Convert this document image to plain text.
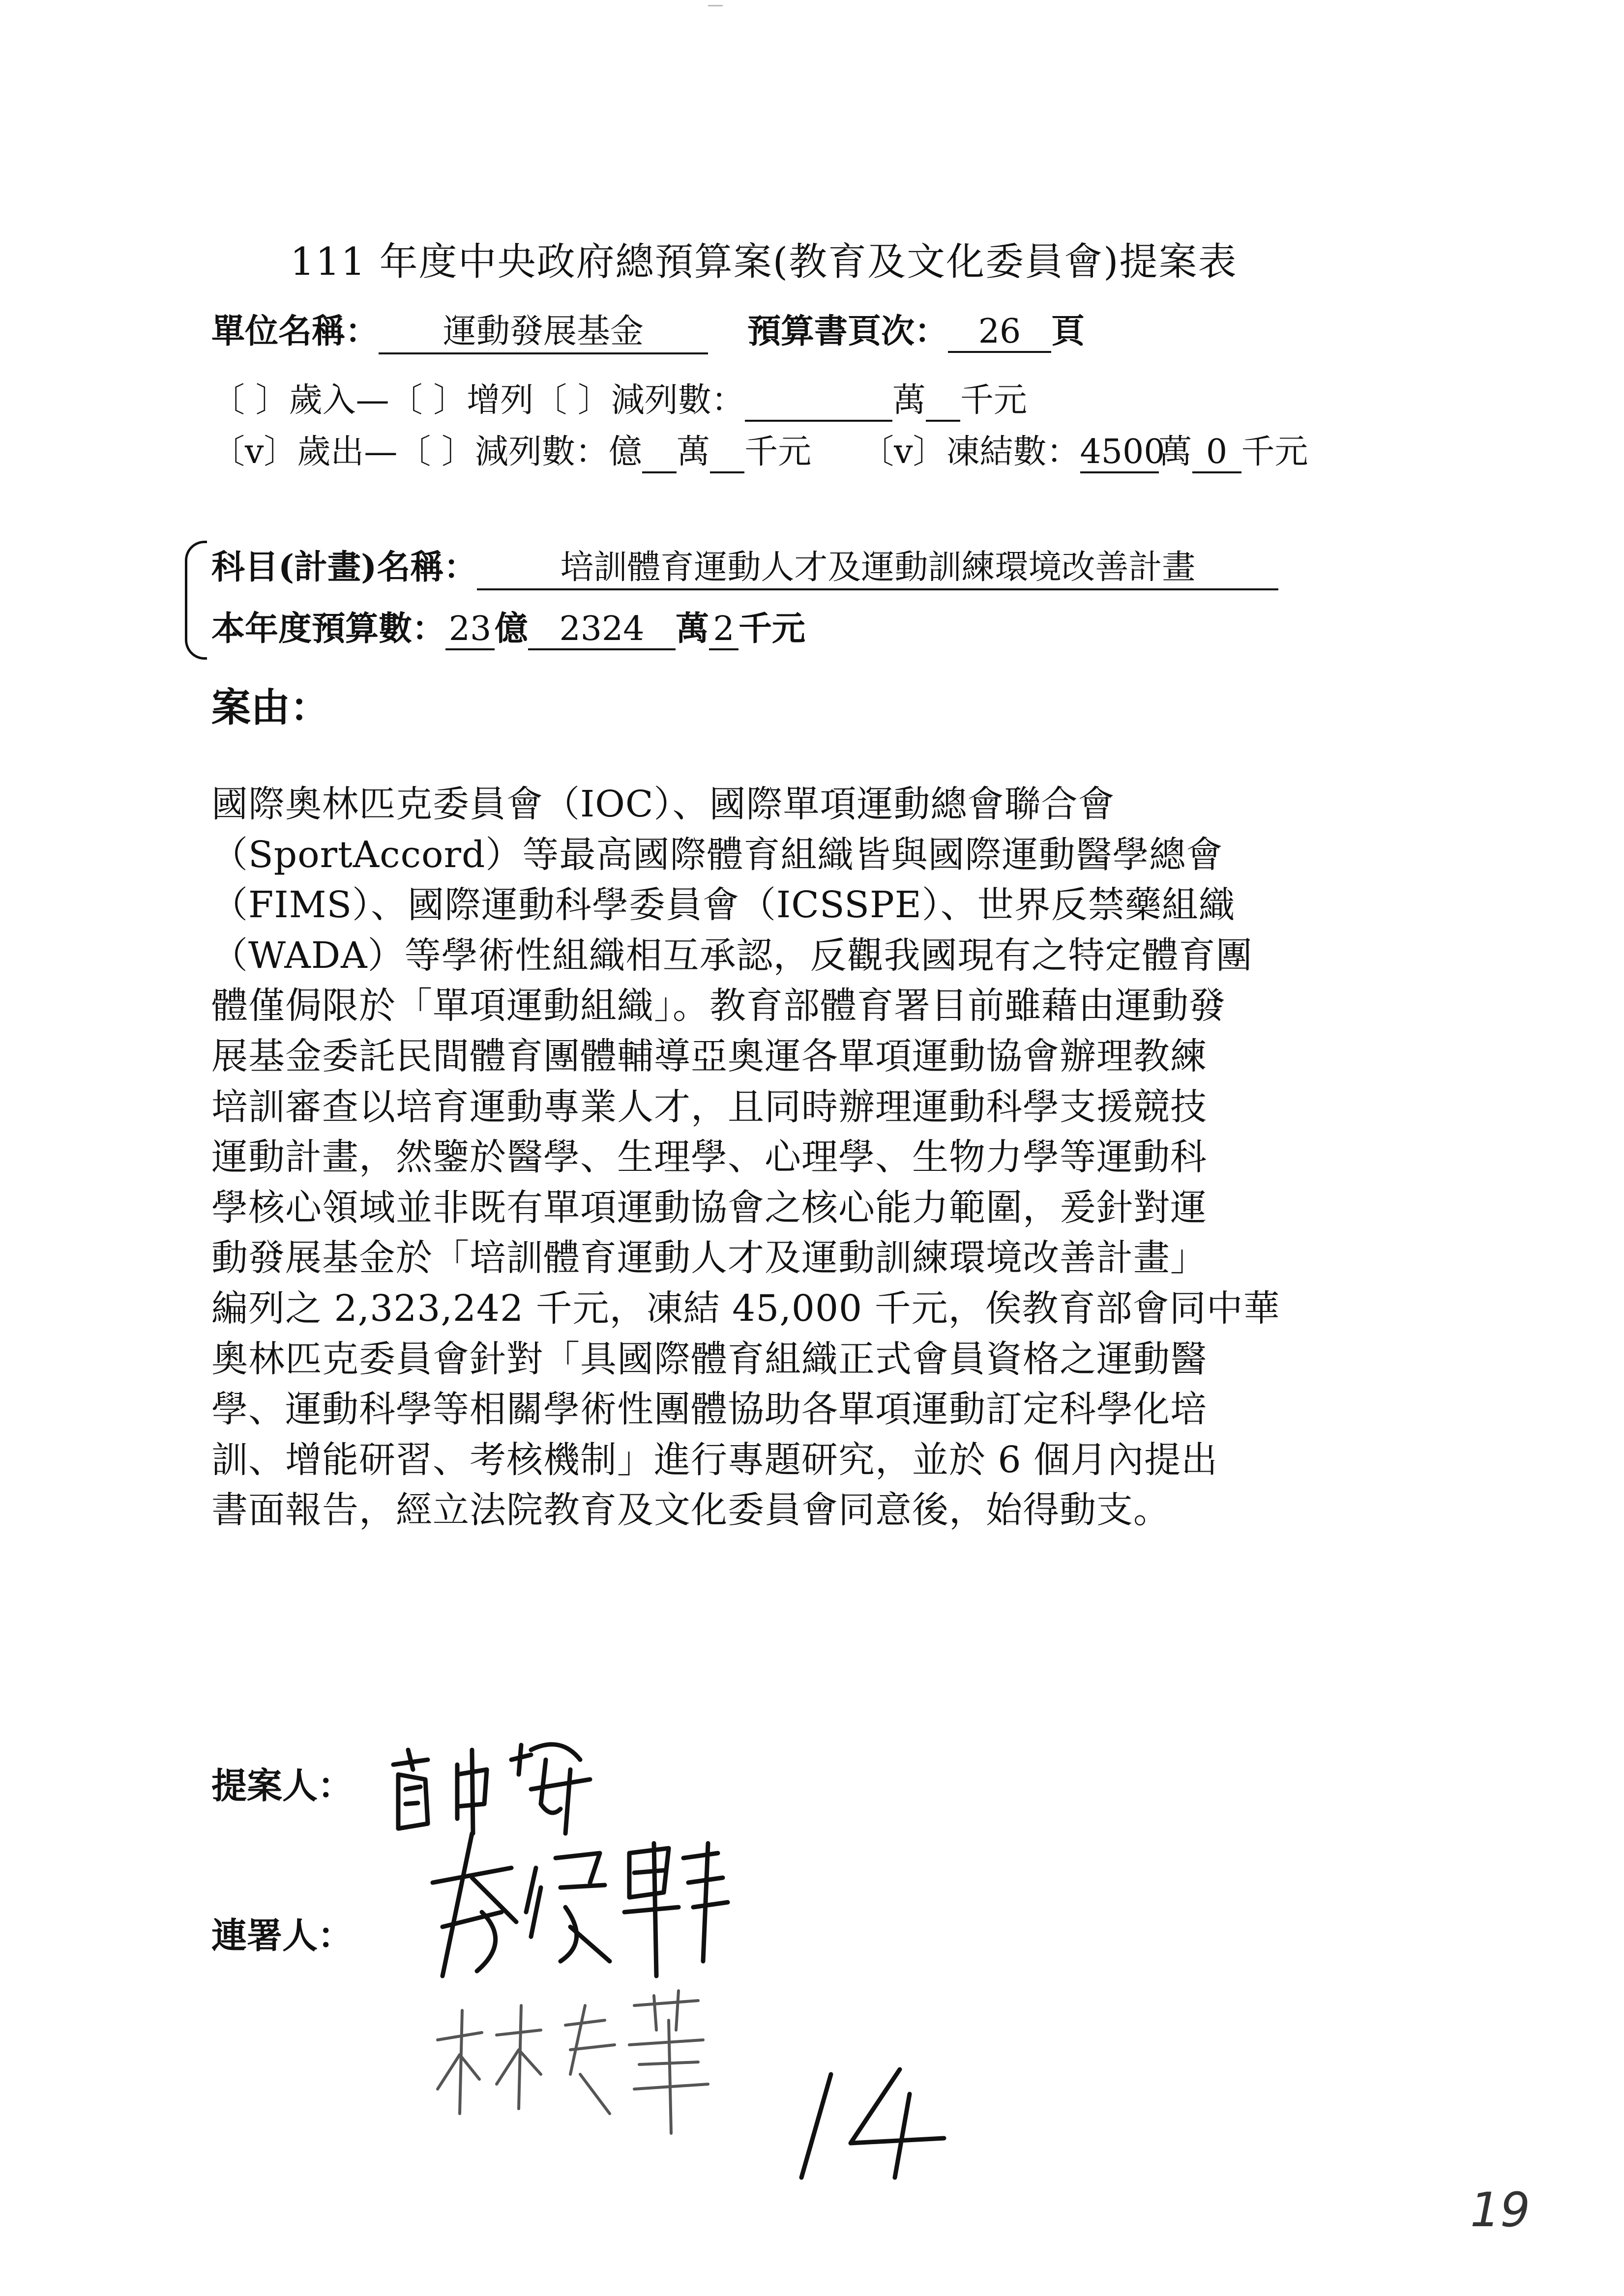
111 年度中央政府總預算案(教育及文化委員會)提案表
單位名稱： 運動發展基金	預算書頁次： 26 頁
〔 〕歲入—〔 〕增列〔 〕減列數：	萬 千元
〔v〕歲出—〔 〕減列數：億 萬 千元 〔v〕凍結數：4500萬 0 千元
科目(計畫)名稱： 培訓體育運動人才及運動訓練環境改善計畫
本年度預算數：23億 2324 萬 2 千元
案由：

國際奧林匹克委員會（IOC）、國際單項運動總會聯合會

（SportAccord）等最高國際體育組織皆與國際運動醫學總會

（FIMS）、國際運動科學委員會（ICSSPE）、世界反禁藥組織

（WADA）等學術性組織相互承認，反觀我國現有之特定體育團

體僅侷限於「單項運動組織」。教育部體育署目前雖藉由運動發

展基金委託民間體育團體輔導亞奧運各單項運動協會辦理教練

培訓審查以培育運動專業人才，且同時辦理運動科學支援競技

運動計畫，然鑒於醫學、生理學、心理學、生物力學等運動科

學核心領域並非既有單項運動協會之核心能力範圍，爰針對運

動發展基金於「培訓體育運動人才及運動訓練環境改善計畫」

編列之 2,323,242 千元，凍結 45,000 千元，俟教育部會同中華

奧林匹克委員會針對「具國際體育組織正式會員資格之運動醫

學、運動科學等相關學術性團體協助各單項運動訂定科學化培

訓、增能研習、考核機制」進行專題研究，並於 6 個月內提出

書面報告，經立法院教育及文化委員會同意後，始得動支。

提案人：
連署人：
19
